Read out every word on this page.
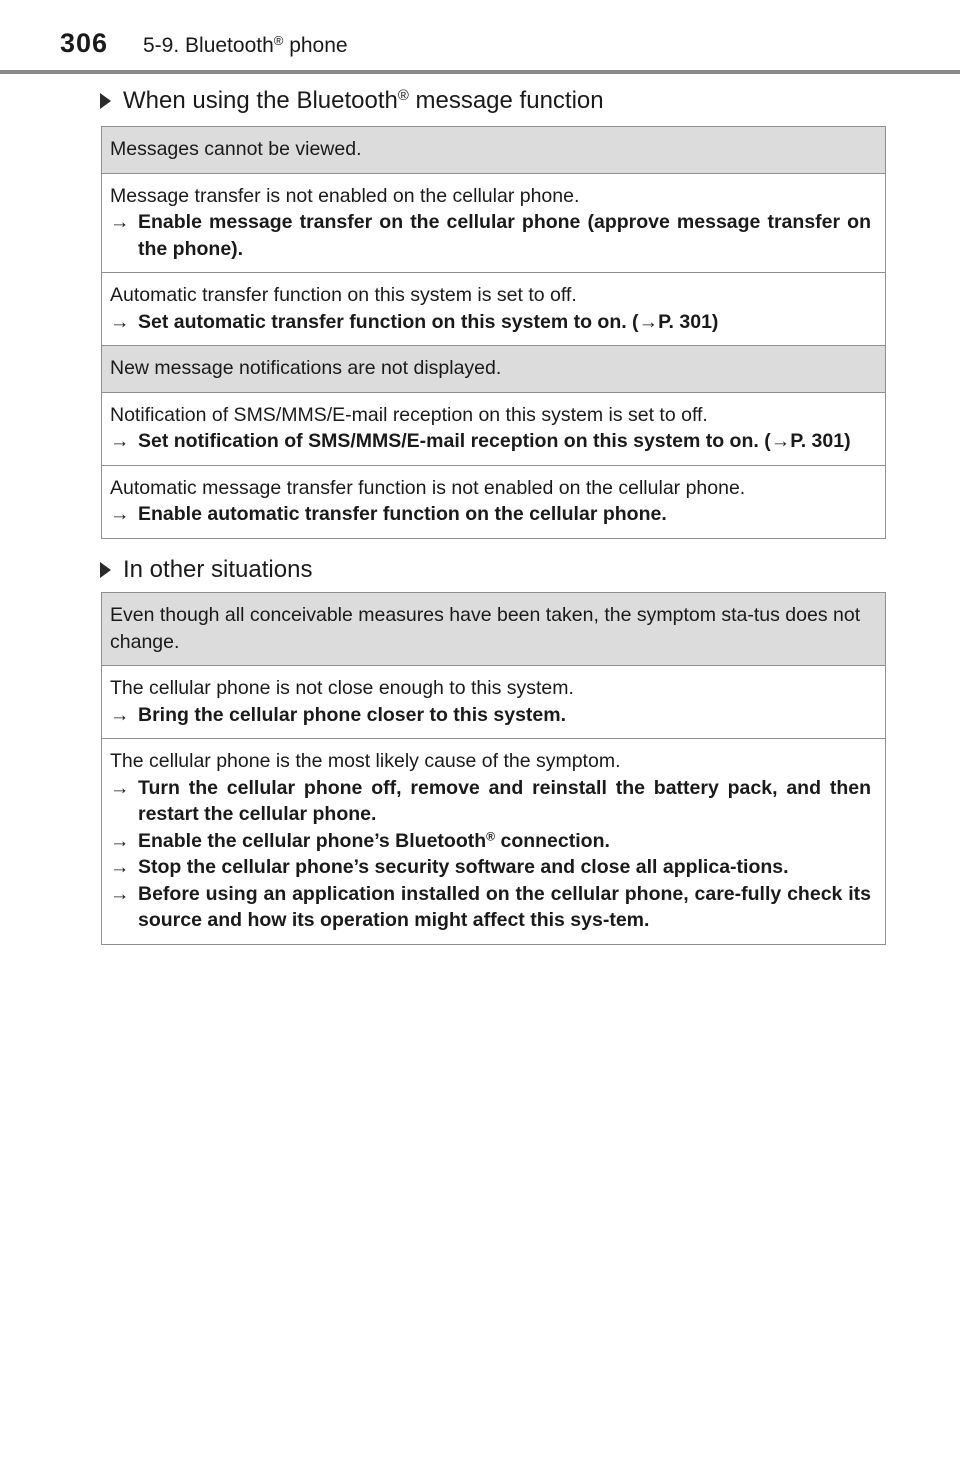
306 5-9. Bluetooth® phone
When using the Bluetooth® message function
Messages cannot be viewed.
Message transfer is not enabled on the cellular phone.
→ Enable message transfer on the cellular phone (approve message transfer on the phone).
Automatic transfer function on this system is set to off.
→ Set automatic transfer function on this system to on. (→P. 301)
New message notifications are not displayed.
Notification of SMS/MMS/E-mail reception on this system is set to off.
→ Set notification of SMS/MMS/E-mail reception on this system to on. (→P. 301)
Automatic message transfer function is not enabled on the cellular phone.
→ Enable automatic transfer function on the cellular phone.
In other situations
Even though all conceivable measures have been taken, the symptom sta-tus does not change.
The cellular phone is not close enough to this system.
→ Bring the cellular phone closer to this system.
The cellular phone is the most likely cause of the symptom.
→ Turn the cellular phone off, remove and reinstall the battery pack, and then restart the cellular phone.
→ Enable the cellular phone’s Bluetooth® connection.
→ Stop the cellular phone’s security software and close all applica-tions.
→ Before using an application installed on the cellular phone, care-fully check its source and how its operation might affect this sys-tem.
